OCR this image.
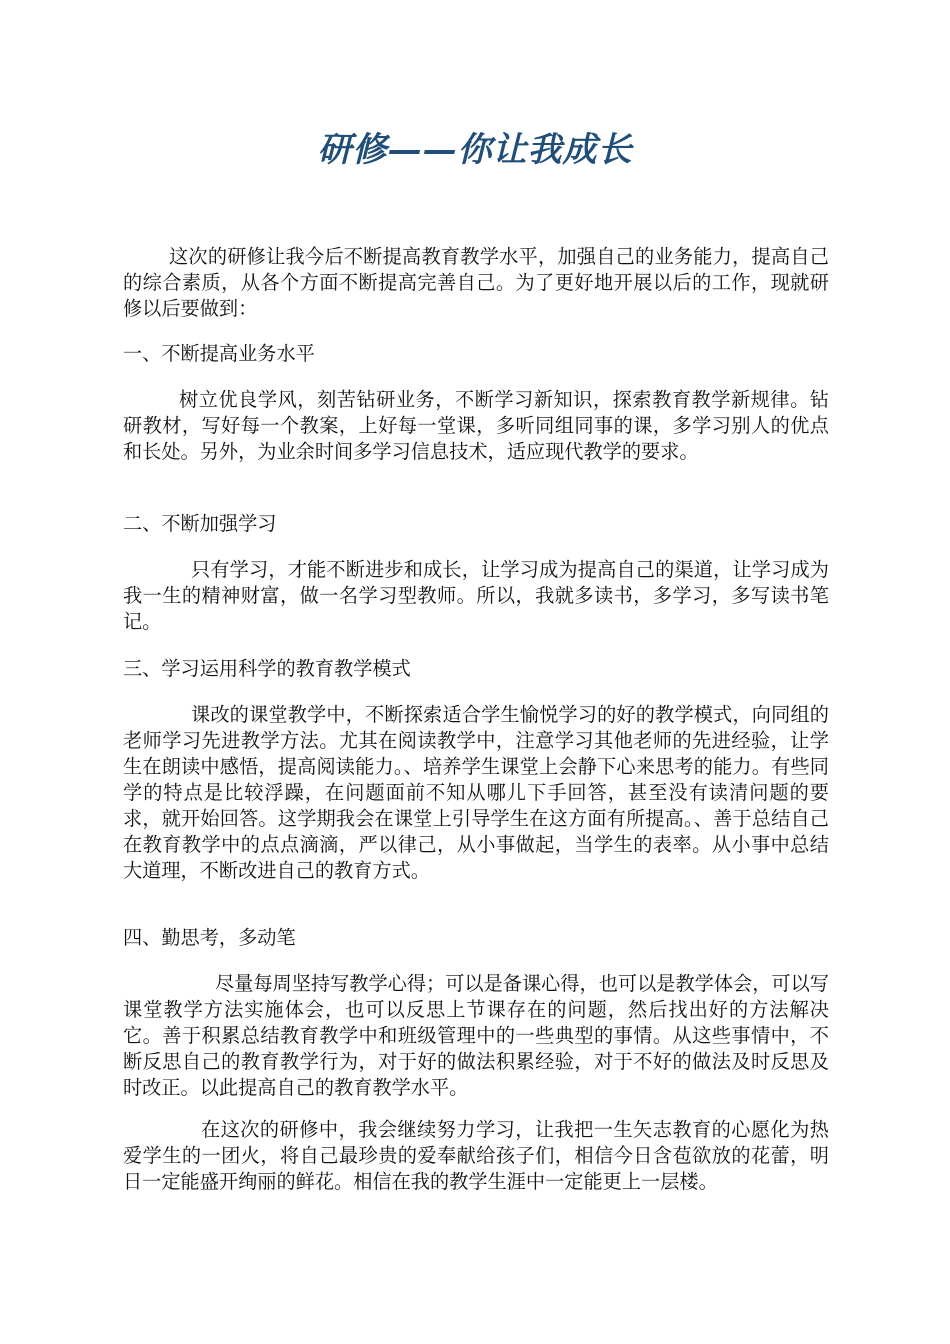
研修——你让我成长

这次的研修让我今后不断提高教育教学水平，加强自己的业务能力，提高自己的综合素质，从各个方面不断提高完善自己。为了更好地开展以后的工作，现就研修以后要做到：

一、不断提高业务水平

树立优良学风，刻苦钻研业务，不断学习新知识，探索教育教学新规律。钻研教材，写好每一个教案，上好每一堂课，多听同组同事的课，多学习别人的优点和长处。另外，为业余时间多学习信息技术，适应现代教学的要求。

二、不断加强学习

只有学习，才能不断进步和成长，让学习成为提高自己的渠道，让学习成为我一生的精神财富，做一名学习型教师。所以，我就多读书，多学习，多写读书笔记。

三、学习运用科学的教育教学模式

课改的课堂教学中，不断探索适合学生愉悦学习的好的教学模式，向同组的老师学习先进教学方法。尤其在阅读教学中，注意学习其他老师的先进经验，让学生在朗读中感悟，提高阅读能力。、培养学生课堂上会静下心来思考的能力。有些同学的特点是比较浮躁，在问题面前不知从哪儿下手回答，甚至没有读清问题的要求，就开始回答。这学期我会在课堂上引导学生在这方面有所提高。、善于总结自己在教育教学中的点点滴滴，严以律己，从小事做起，当学生的表率。从小事中总结大道理，不断改进自己的教育方式。

四、勤思考，多动笔

尽量每周坚持写教学心得；可以是备课心得，也可以是教学体会，可以写课堂教学方法实施体会，也可以反思上节课存在的问题，然后找出好的方法解决它。善于积累总结教育教学中和班级管理中的一些典型的事情。从这些事情中，不断反思自己的教育教学行为，对于好的做法积累经验，对于不好的做法及时反思及时改正。以此提高自己的教育教学水平。

在这次的研修中，我会继续努力学习，让我把一生矢志教育的心愿化为热爱学生的一团火，将自己最珍贵的爱奉献给孩子们，相信今日含苞欲放的花蕾，明日一定能盛开绚丽的鲜花。相信在我的教学生涯中一定能更上一层楼。
